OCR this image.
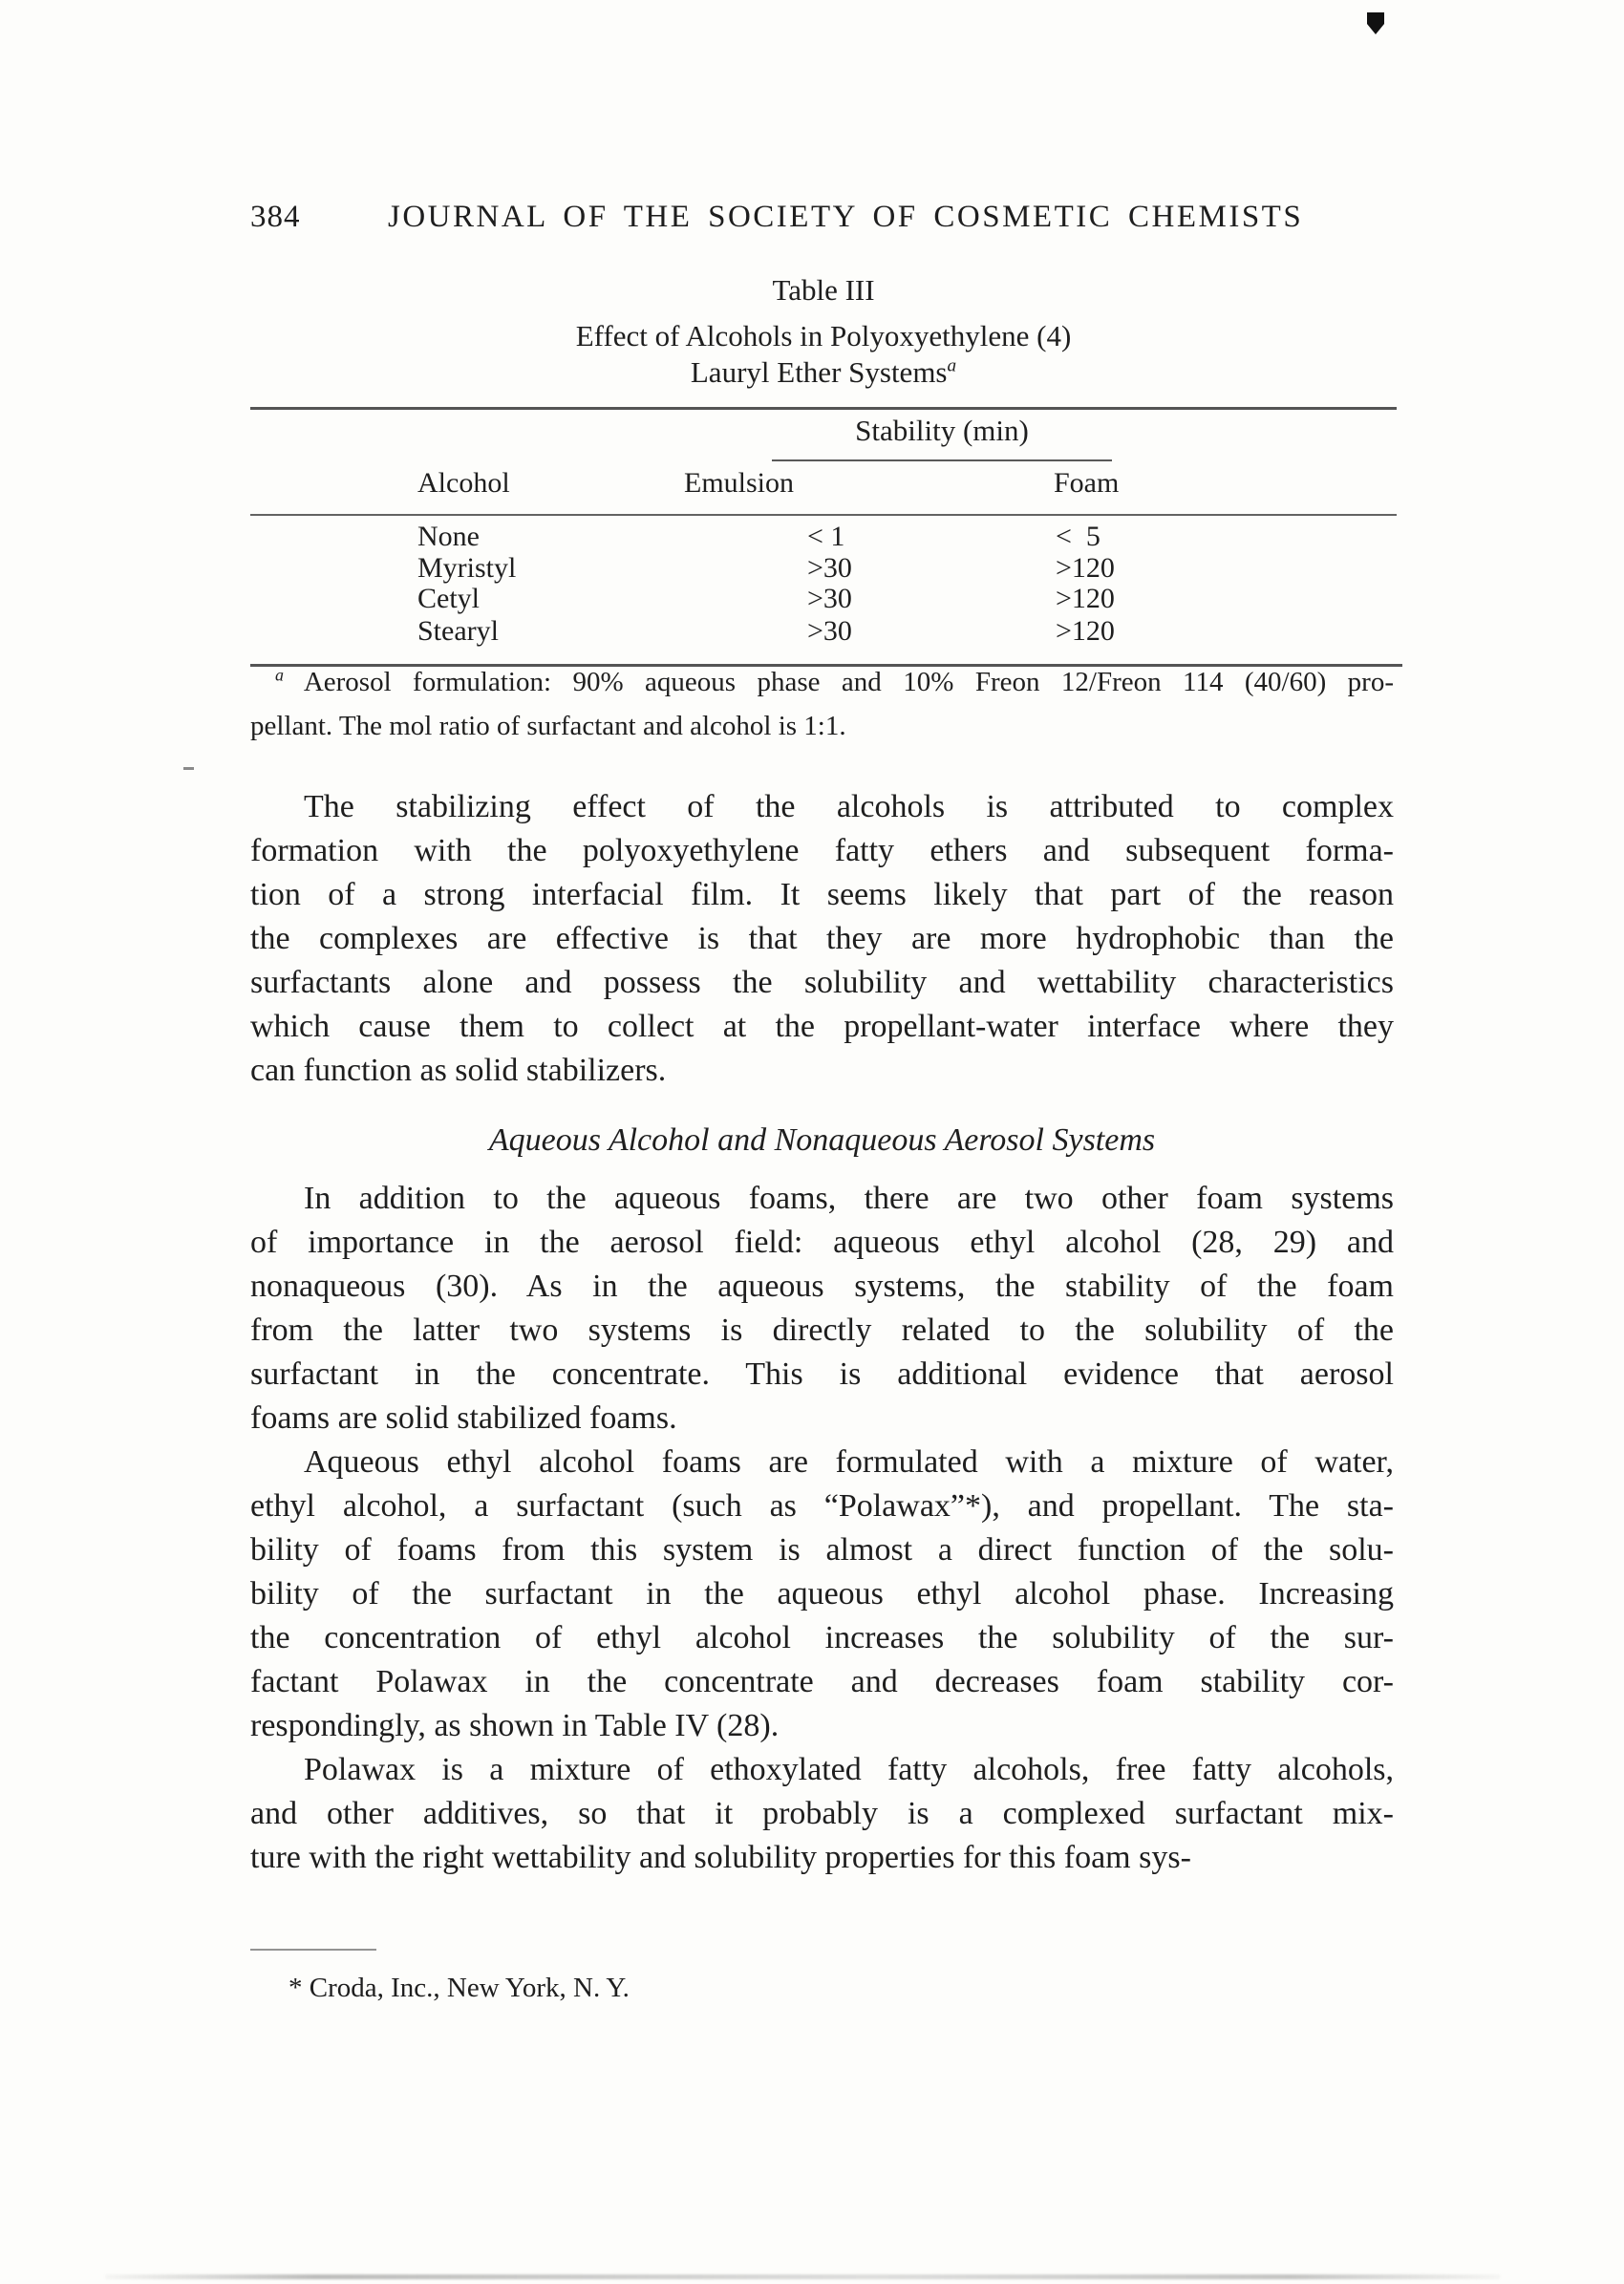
384	JOURNAL OF THE SOCIETY OF COSMETIC CHEMISTS
Table III
Effect of Alcohols in Polyoxyethylene (4)
Lauryl Ether Systems$^a$
Stability (min)
Alcohol	Emulsion	Foam
None	< 1	<  5
Myristyl	>30	>120
Cetyl	>30	>120
Stearyl	>30	>120
$^a$ Aerosol formulation: 90% aqueous phase and 10% Freon 12/Freon 114 (40/60) pro-
pellant. The mol ratio of surfactant and alcohol is 1:1.
The stabilizing effect of the alcohols is attributed to complex
formation with the polyoxyethylene fatty ethers and subsequent forma-
tion of a strong interfacial film. It seems likely that part of the reason
the complexes are effective is that they are more hydrophobic than the
surfactants alone and possess the solubility and wettability characteristics
which cause them to collect at the propellant-water interface where they
can function as solid stabilizers.
Aqueous Alcohol and Nonaqueous Aerosol Systems
In addition to the aqueous foams, there are two other foam systems
of importance in the aerosol field: aqueous ethyl alcohol (28, 29) and
nonaqueous (30). As in the aqueous systems, the stability of the foam
from the latter two systems is directly related to the solubility of the
surfactant in the concentrate. This is additional evidence that aerosol
foams are solid stabilized foams.
Aqueous ethyl alcohol foams are formulated with a mixture of water,
ethyl alcohol, a surfactant (such as “Polawax”*), and propellant. The sta-
bility of foams from this system is almost a direct function of the solu-
bility of the surfactant in the aqueous ethyl alcohol phase. Increasing
the concentration of ethyl alcohol increases the solubility of the sur-
factant Polawax in the concentrate and decreases foam stability cor-
respondingly, as shown in Table IV (28).
Polawax is a mixture of ethoxylated fatty alcohols, free fatty alcohols,
and other additives, so that it probably is a complexed surfactant mix-
ture with the right wettability and solubility properties for this foam sys-
* Croda, Inc., New York, N. Y.
